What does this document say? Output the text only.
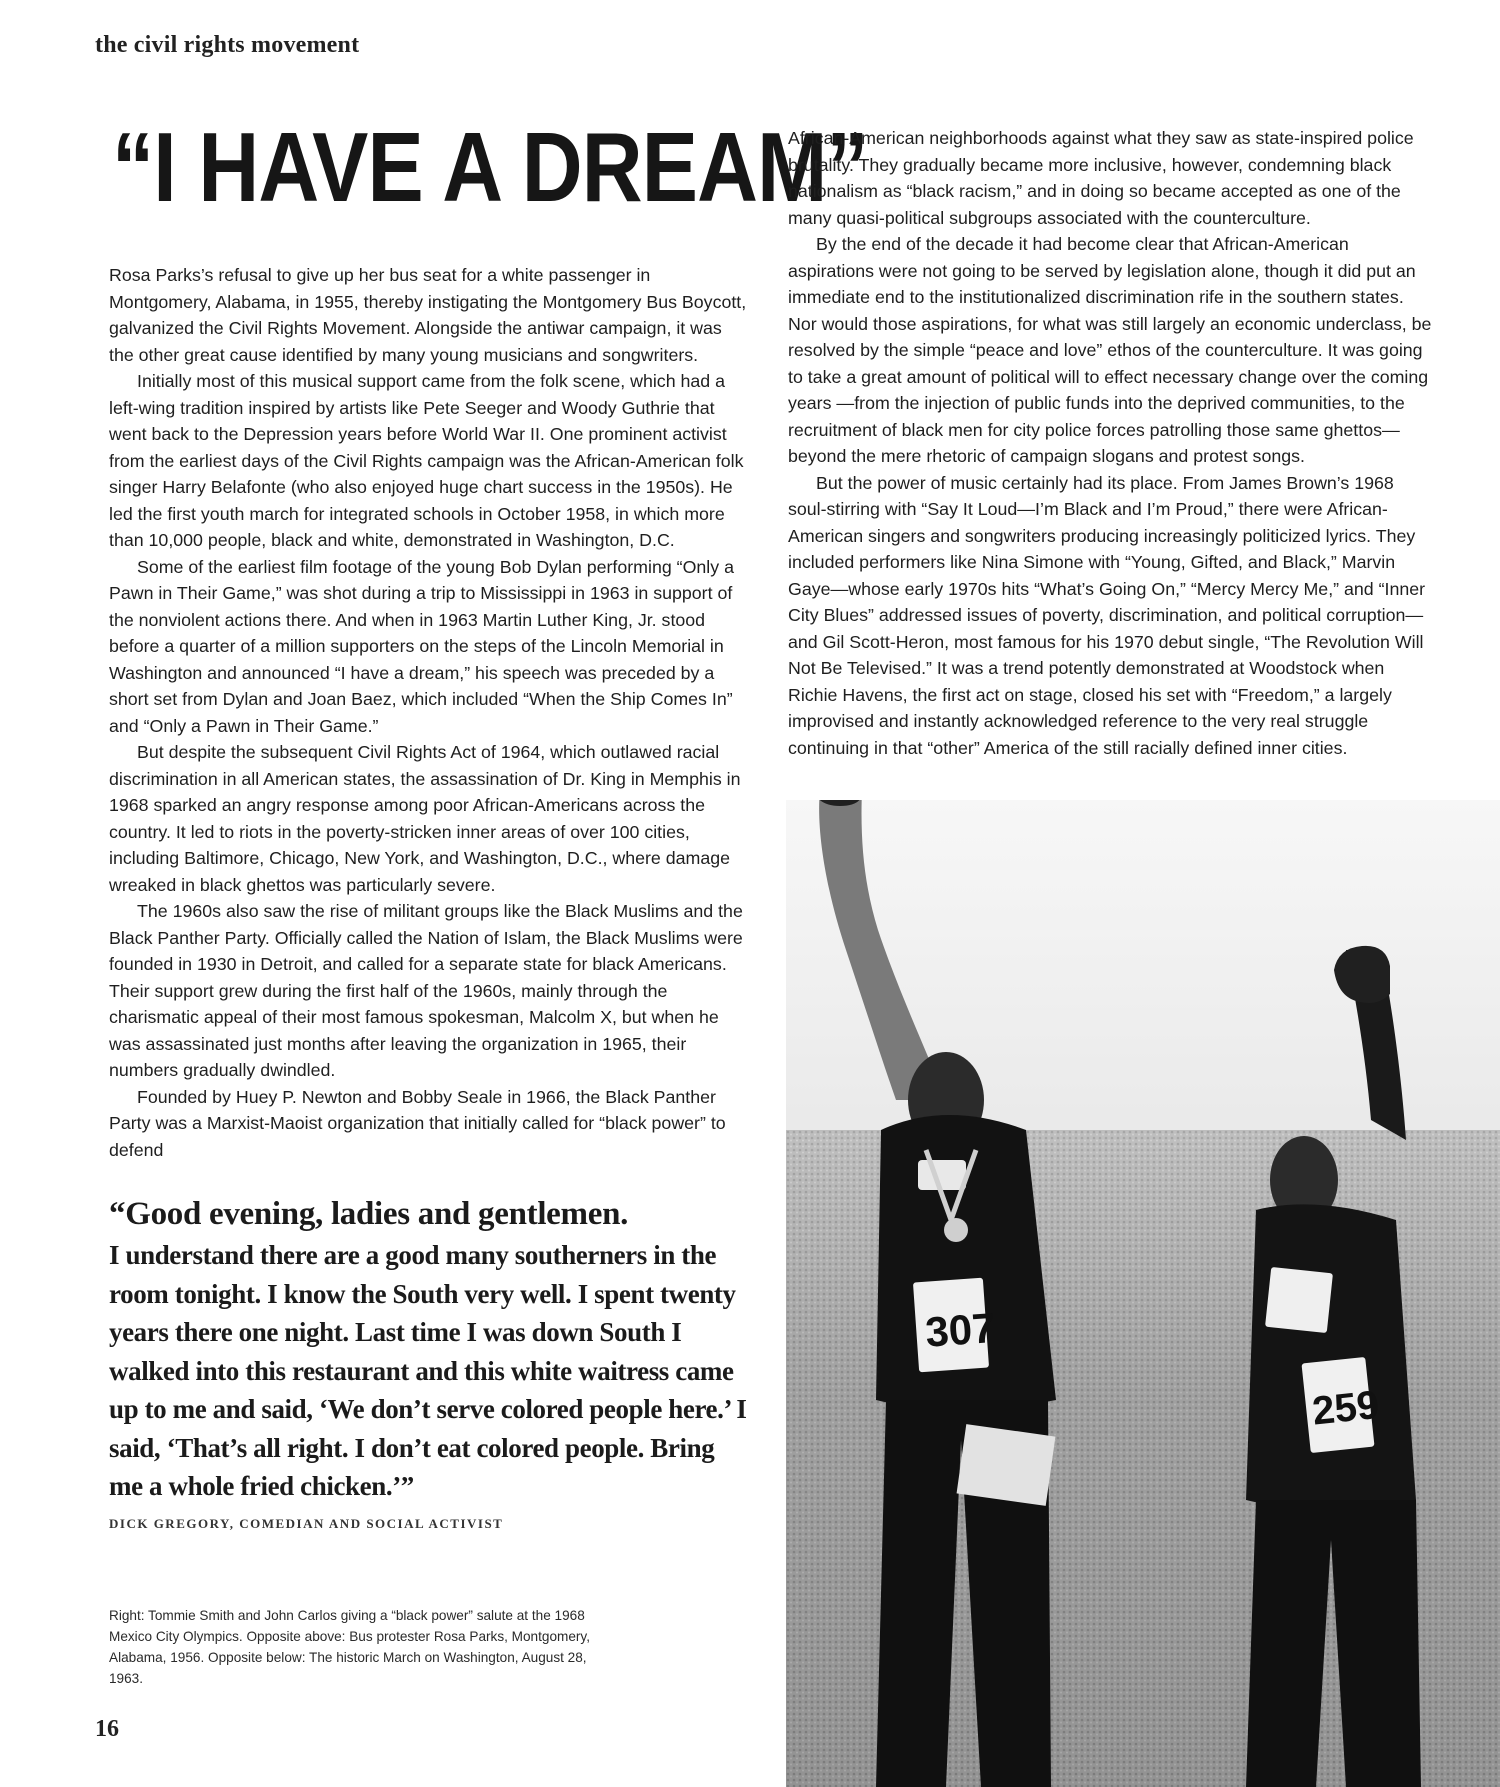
the civil rights movement
“I HAVE A DREAM”

Rosa Parks’s refusal to give up her bus seat for a white passenger in Montgomery, Alabama, in 1955, thereby instigating the Montgomery Bus Boycott, galvanized the Civil Rights Movement. Alongside the antiwar campaign, it was the other great cause identified by many young musicians and songwriters.

Initially most of this musical support came from the folk scene, which had a left-wing tradition inspired by artists like Pete Seeger and Woody Guthrie that went back to the Depression years before World War II. One prominent activist from the earliest days of the Civil Rights campaign was the African-American folk singer Harry Belafonte (who also enjoyed huge chart success in the 1950s). He led the first youth march for integrated schools in October 1958, in which more than 10,000 people, black and white, demonstrated in Washington, D.C.

Some of the earliest film footage of the young Bob Dylan performing “Only a Pawn in Their Game,” was shot during a trip to Mississippi in 1963 in support of the nonviolent actions there. And when in 1963 Martin Luther King, Jr. stood before a quarter of a million supporters on the steps of the Lincoln Memorial in Washington and announced “I have a dream,” his speech was preceded by a short set from Dylan and Joan Baez, which included “When the Ship Comes In” and “Only a Pawn in Their Game.”

But despite the subsequent Civil Rights Act of 1964, which outlawed racial discrimination in all American states, the assassination of Dr. King in Memphis in 1968 sparked an angry response among poor African-Americans across the country. It led to riots in the poverty-stricken inner areas of over 100 cities, including Baltimore, Chicago, New York, and Washington, D.C., where damage wreaked in black ghettos was particularly severe.

The 1960s also saw the rise of militant groups like the Black Muslims and the Black Panther Party. Officially called the Nation of Islam, the Black Muslims were founded in 1930 in Detroit, and called for a separate state for black Americans. Their support grew during the first half of the 1960s, mainly through the charismatic appeal of their most famous spokesman, Malcolm X, but when he was assassinated just months after leaving the organization in 1965, their numbers gradually dwindled.

Founded by Huey P. Newton and Bobby Seale in 1966, the Black Panther Party was a Marxist-Maoist organization that initially called for “black power” to defend

African-American neighborhoods against what they saw as state-inspired police brutality. They gradually became more inclusive, however, condemning black nationalism as “black racism,” and in doing so became accepted as one of the many quasi-political subgroups associated with the counterculture.

By the end of the decade it had become clear that African-American aspirations were not going to be served by legislation alone, though it did put an immediate end to the institutionalized discrimination rife in the southern states. Nor would those aspirations, for what was still largely an economic underclass, be resolved by the simple “peace and love” ethos of the counterculture. It was going to take a great amount of political will to effect necessary change over the coming years —from the injection of public funds into the deprived communities, to the recruitment of black men for city police forces patrolling those same ghettos— beyond the mere rhetoric of campaign slogans and protest songs.

But the power of music certainly had its place. From James Brown’s 1968 soul-stirring with “Say It Loud—I’m Black and I’m Proud,” there were African-American singers and songwriters producing increasingly politicized lyrics. They included performers like Nina Simone with “Young, Gifted, and Black,” Marvin Gaye—whose early 1970s hits “What’s Going On,” “Mercy Mercy Me,” and “Inner City Blues” addressed issues of poverty, discrimination, and political corruption—and Gil Scott-Heron, most famous for his 1970 debut single, “The Revolution Will Not Be Televised.” It was a trend potently demonstrated at Woodstock when Richie Havens, the first act on stage, closed his set with “Freedom,” a largely improvised and instantly acknowledged reference to the very real struggle continuing in that “other” America of the still racially defined inner cities.

“Good evening, ladies and gentlemen.
I understand there are a good many southerners in the room tonight. I know the South very well. I spent twenty years there one night. Last time I was down South I walked into this restaurant and this white waitress came up to me and said, ‘We don’t serve colored people here.’ I said, ‘That’s all right. I don’t eat colored people. Bring me a whole fried chicken.’”
DICK GREGORY, COMEDIAN AND SOCIAL ACTIVIST
Right: Tommie Smith and John Carlos giving a “black power” salute at the 1968 Mexico City Olympics. Opposite above: Bus protester Rosa Parks, Montgomery, Alabama, 1956. Opposite below: The historic March on Washington, August 28, 1963.
16
307
259
